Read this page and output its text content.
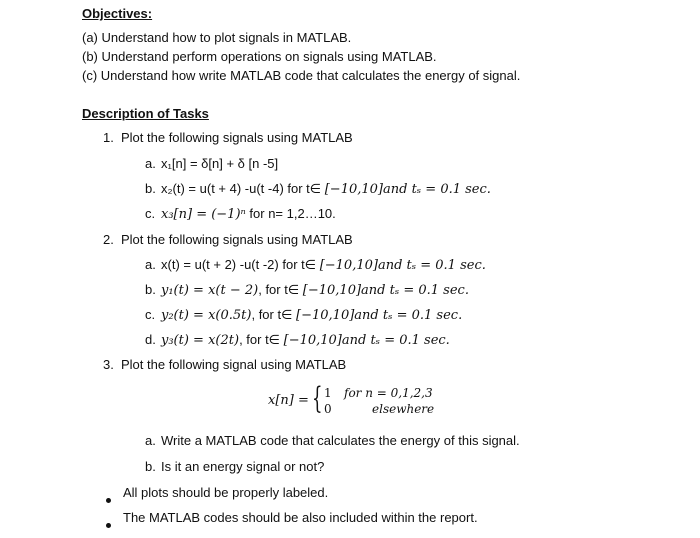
Objectives:
(a) Understand how to plot signals in MATLAB.
(b) Understand perform operations on signals using MATLAB.
(c) Understand how write MATLAB code that calculates the energy of signal.
Description of Tasks
1. Plot the following signals using MATLAB
a. x₁[n] = δ[n] + δ [n -5]
b. x₂(t) = u(t + 4) -u(t -4) for t∈ [−10,10]and tₛ = 0.1 sec.
c. x₃[n] = (−1)ⁿ for n= 1,2…10.
2. Plot the following signals using MATLAB
a. x(t) = u(t + 2) -u(t -2) for t∈ [−10,10]and tₛ = 0.1 sec.
b. y₁(t) = x(t − 2), for t∈ [−10,10]and tₛ = 0.1 sec.
c. y₂(t) = x(0.5t), for t∈ [−10,10]and tₛ = 0.1 sec.
d. y₃(t) = x(2t), for t∈ [−10,10]and tₛ = 0.1 sec.
3. Plot the following signal using MATLAB
x[n] = { 1
0
for n = 0,1,2,3
elsewhere
a. Write a MATLAB code that calculates the energy of this signal.
b. Is it an energy signal or not?
All plots should be properly labeled.
The MATLAB codes should be also included within the report.
